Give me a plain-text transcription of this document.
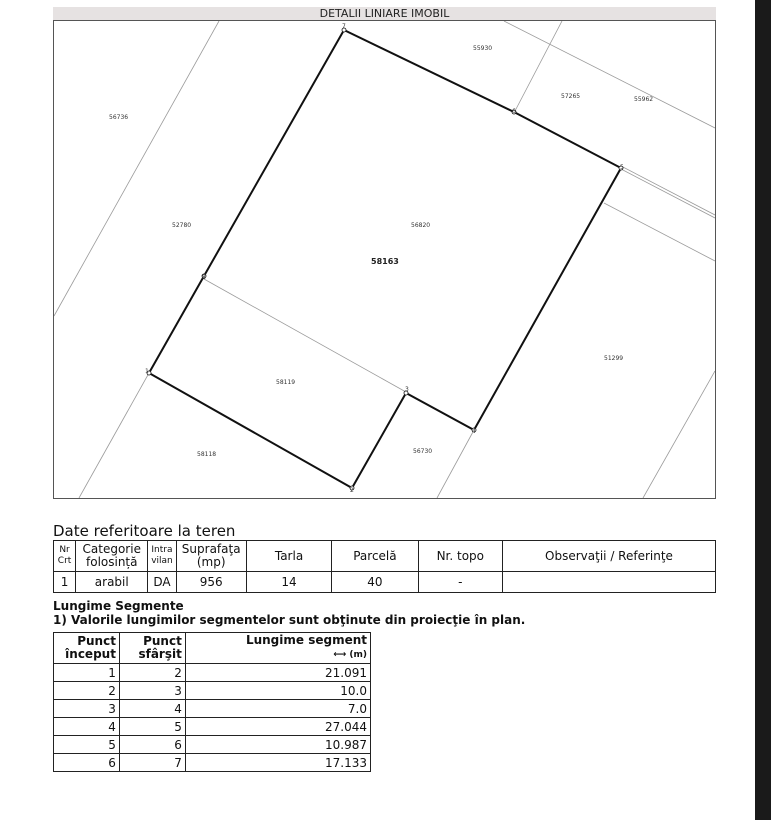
DETALII LINIARE IMOBIL
1
2
3
4
5
6
7
8
55930
57265	55962
56736
52780	56820
51299
58119
58118	56730
58163
Date referitoare la teren
Nr Crt	Categorie folosință	Intra vilan	Suprafaţa (mp)	Tarla	Parcelă	Nr. topo	Observaţii / Referinţe
1	arabil	DA	956	14	40	-	
Lungime Segmente
1) Valorile lungimilor segmentelor sunt obţinute din proiecţie în plan.
Punct început	Punct sfârşit	Lungime segment
⟷ (m)
1	2	21.091
2	3	10.0
3	4	7.0
4	5	27.044
5	6	10.987
6	7	17.133
